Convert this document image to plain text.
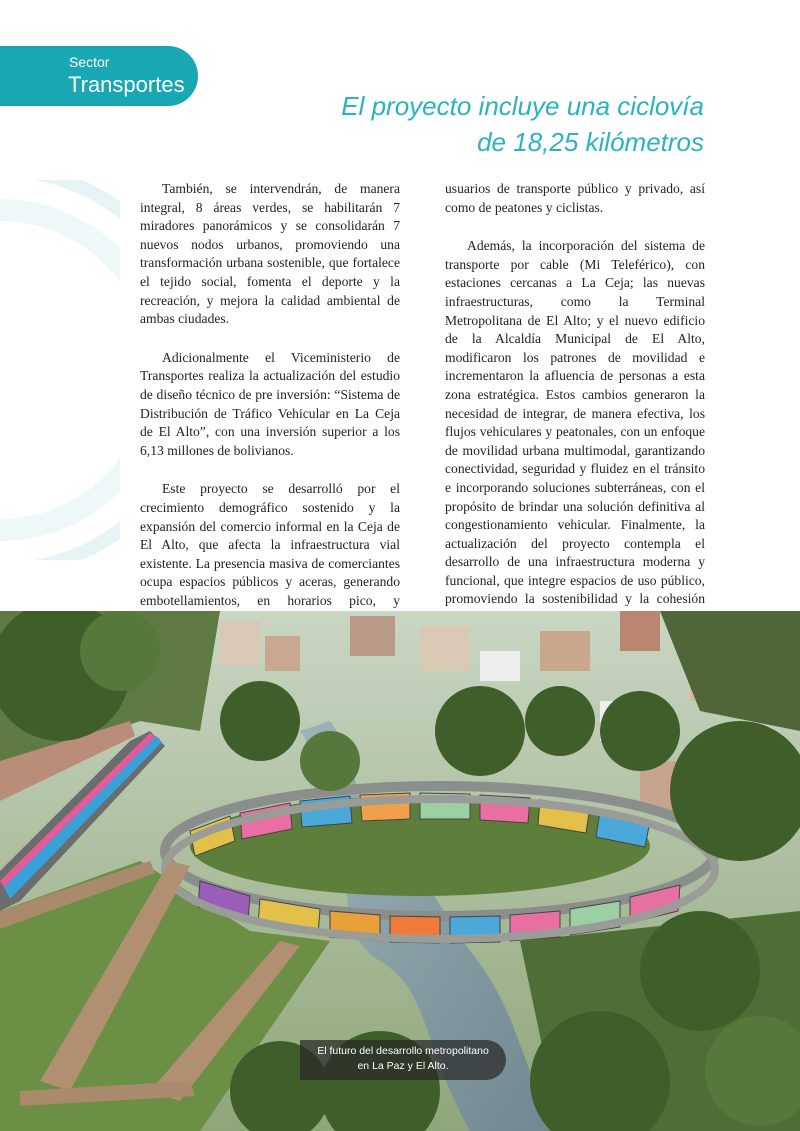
Sector
Transportes
El proyecto incluye una ciclovía
de 18,25 kilómetros

También, se intervendrán, de manera integral, 8 áreas verdes, se habilitarán 7 miradores panorámicos y se consolidarán 7 nuevos nodos urbanos, promoviendo una transformación urbana sostenible, que fortalece el tejido social, fomenta el deporte y la recreación, y mejora la calidad ambiental de ambas ciudades.

Adicionalmente el Viceministerio de Transportes realiza la actualización del estudio de diseño técnico de pre inversión: “Sistema de Distribución de Tráfico Vehicular en La Ceja de El Alto”, con una inversión superior a los 6,13 millones de bolivianos.

Este proyecto se desarrolló por el crecimiento demográfico sostenido y la expansión del comercio informal en la Ceja de El Alto, que afecta la infraestructura vial existente. La presencia masiva de comerciantes ocupa espacios públicos y aceras, generando embotellamientos, en horarios pico, y

usuarios de transporte público y privado, así como de peatones y ciclistas.

Además, la incorporación del sistema de transporte por cable (Mi Teleférico), con estaciones cercanas a La Ceja; las nuevas infraestructuras, como la Terminal Metropolitana de El Alto; y el nuevo edificio de la Alcaldía Municipal de El Alto, modificaron los patrones de movilidad e incrementaron la afluencia de personas a esta zona estratégica. Estos cambios generaron la necesidad de integrar, de manera efectiva, los flujos vehiculares y peatonales, con un enfoque de movilidad urbana multimodal, garantizando conectividad, seguridad y fluidez en el tránsito e incorporando soluciones subterráneas, con el propósito de brindar una solución definitiva al congestionamiento vehicular. Finalmente, la actualización del proyecto contempla el desarrollo de una infraestructura moderna y funcional, que integre espacios de uso público, promoviendo la sostenibilidad y la cohesión

El futuro del desarrollo metropolitano
en La Paz y El Alto.
